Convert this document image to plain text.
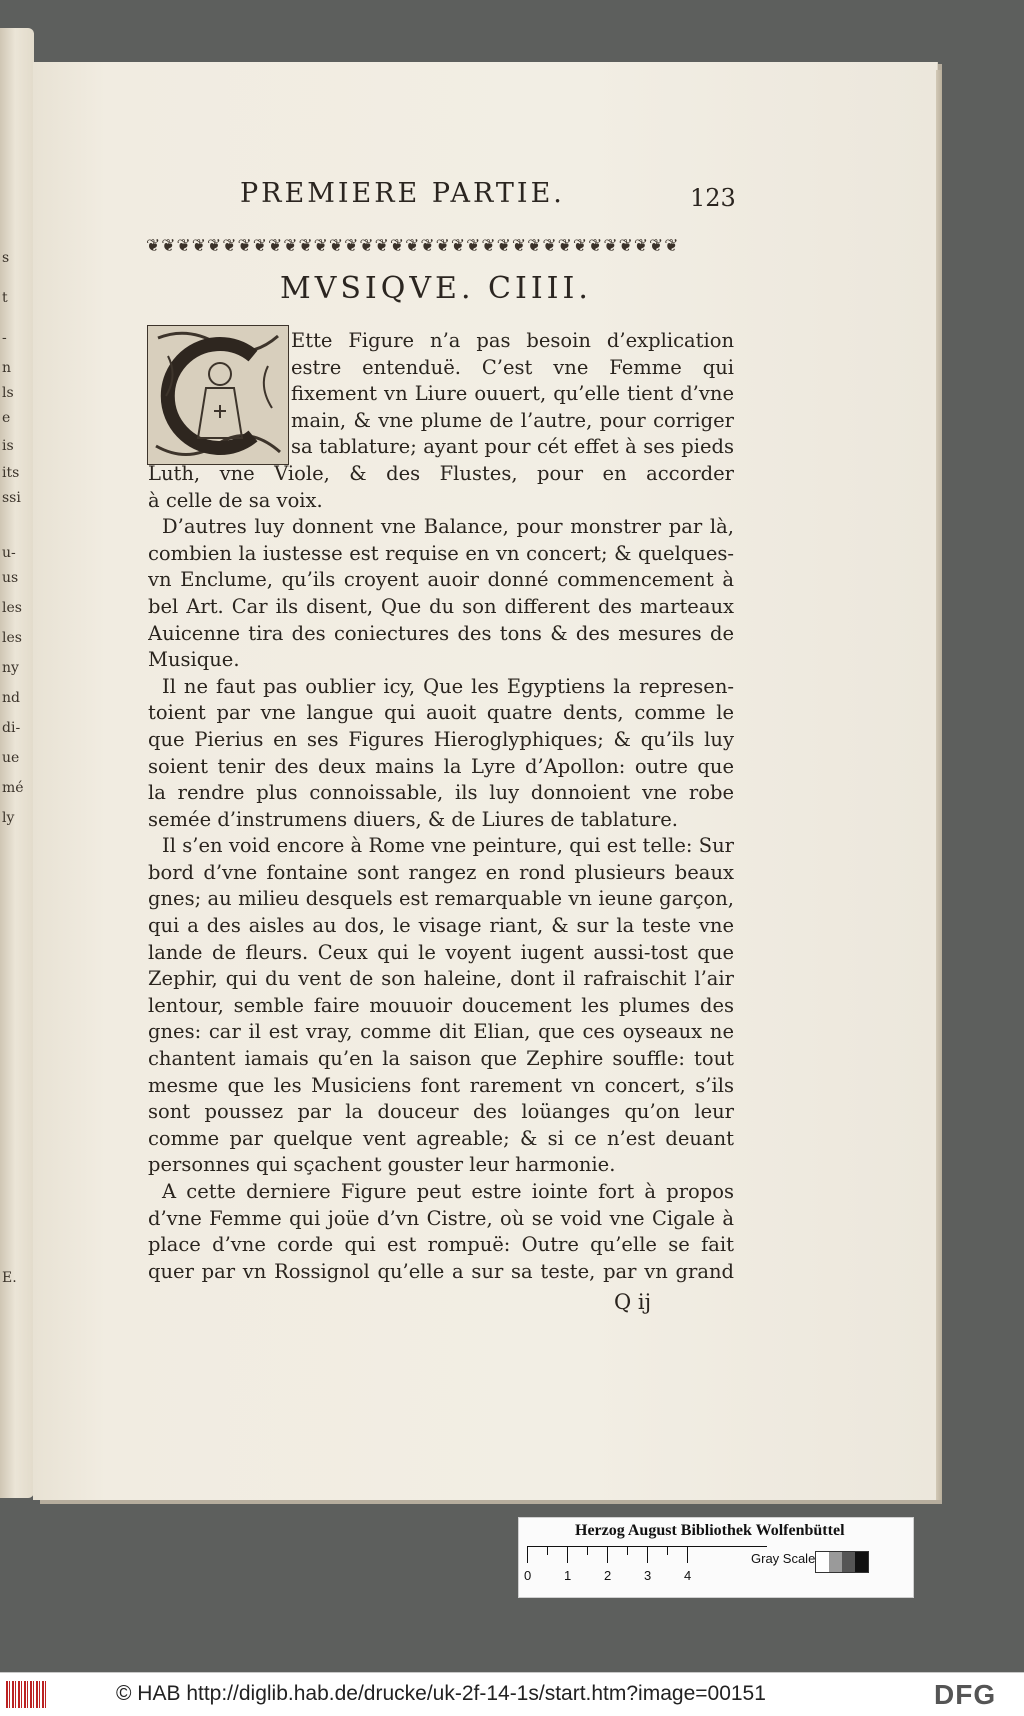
s
t
-
n
ls
e
is
its
ssi
u-
us
les
les
ny
nd
di-
ue
mé
ly
E.
PREMIERE PARTIE.	123
❦❦❦❦❦❦❦❦❦❦❦❦❦❦❦❦❦❦❦❦❦❦❦❦❦❦❦❦❦❦❦❦❦❦❦
MVSIQVE. CIIII.
Ette Figure n’a pas besoin d’explication
estre entenduë. C’est vne Femme qui
fixement vn Liure ouuert, qu’elle tient d’vne
main, & vne plume de l’autre, pour corriger
sa tablature; ayant pour cét effet à ses pieds
Luth, vne Viole, & des Flustes, pour en accorder
à celle de sa voix.
D’autres luy donnent vne Balance, pour monstrer par là,
combien la iustesse est requise en vn concert; & quelques-
vn Enclume, qu’ils croyent auoir donné commencement à
bel Art. Car ils disent, Que du son different des marteaux
Auicenne tira des coniectures des tons & des mesures de
Musique.
Il ne faut pas oublier icy, Que les Egyptiens la represen-
toient par vne langue qui auoit quatre dents, comme le
que Pierius en ses Figures Hieroglyphiques; & qu’ils luy
soient tenir des deux mains la Lyre d’Apollon: outre que
la rendre plus connoissable, ils luy donnoient vne robe
semée d’instrumens diuers, & de Liures de tablature.
Il s’en void encore à Rome vne peinture, qui est telle: Sur
bord d’vne fontaine sont rangez en rond plusieurs beaux
gnes; au milieu desquels est remarquable vn ieune garçon,
qui a des aisles au dos, le visage riant, & sur la teste vne
lande de fleurs. Ceux qui le voyent iugent aussi-tost que
Zephir, qui du vent de son haleine, dont il rafraischit l’air
lentour, semble faire mouuoir doucement les plumes des
gnes: car il est vray, comme dit Elian, que ces oyseaux ne
chantent iamais qu’en la saison que Zephire souffle: tout
mesme que les Musiciens font rarement vn concert, s’ils
sont poussez par la douceur des loüanges qu’on leur
comme par quelque vent agreable; & si ce n’est deuant
personnes qui sçachent gouster leur harmonie.
A cette derniere Figure peut estre iointe fort à propos
d’vne Femme qui joüe d’vn Cistre, où se void vne Cigale à
place d’vne corde qui est rompuë: Outre qu’elle se fait
quer par vn Rossignol qu’elle a sur sa teste, par vn grand
Q ij
Herzog August Bibliothek Wolfenbüttel
0	1	2	3	4
Gray Scale
© HAB http://diglib.hab.de/drucke/uk-2f-14-1s/start.htm?image=00151	DFG
